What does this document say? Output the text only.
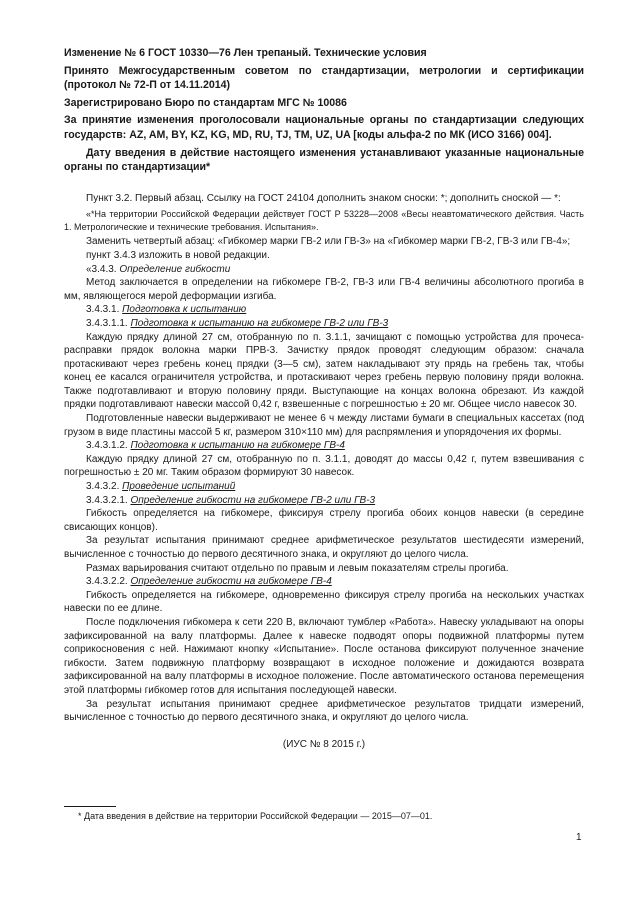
Изменение № 6 ГОСТ 10330—76 Лен трепаный. Технические условия

Принято Межгосударственным советом по стандартизации, метрологии и сертификации (протокол № 72-П от 14.11.2014)

Зарегистрировано Бюро по стандартам МГС № 10086

За принятие изменения проголосовали национальные органы по стандартизации следующих государств: AZ, AM, BY, KZ, KG, MD, RU, TJ, TM, UZ, UA [коды альфа-2 по МК (ИСО 3166) 004].

Дату введения в действие настоящего изменения устанавливают указанные национальные органы по стандартизации*

Пункт 3.2. Первый абзац. Ссылку на ГОСТ 24104 дополнить знаком сноски: *; дополнить сноской — *:

«*На территории Российской Федерации действует ГОСТ Р 53228—2008 «Весы неавтоматического действия. Часть 1. Метрологические и технические требования. Испытания».

Заменить четвертый абзац: «Гибкомер марки ГВ-2 или ГВ-3» на «Гибкомер марки ГВ-2, ГВ-3 или ГВ-4»;

пункт 3.4.3 изложить в новой редакции.

«3.4.3. Определение гибкости

Метод заключается в определении на гибкомере ГВ-2, ГВ-3 или ГВ-4 величины абсолютного прогиба в мм, являющегося мерой деформации изгиба.

3.4.3.1. Подготовка к испытанию

3.4.3.1.1. Подготовка к испытанию на гибкомере ГВ-2 или ГВ-3

Каждую прядку длиной 27 см, отобранную по п. 3.1.1, зачищают с помощью устройства для прочеса-расправки прядок волокна марки ПРВ-3. Зачистку прядок проводят следующим образом: сначала протаскивают через гребень конец прядки (3—5 см), затем накладывают эту прядь на гребень так, чтобы конец ее касался ограничителя устройства, и протаскивают через гребень первую половину пряди волокна. Также подготавливают и вторую половину пряди. Выступающие на концах волокна обрезают. Из каждой прядки подготавливают навески массой 0,42 г, взвешенные с погрешностью ± 20 мг. Общее число навесок 30.

Подготовленные навески выдерживают не менее 6 ч между листами бумаги в специальных кассетах (под грузом в виде пластины массой 5 кг, размером 310×110 мм) для распрямления и упорядочения их формы.

3.4.3.1.2. Подготовка к испытанию на гибкомере ГВ-4

Каждую прядку длиной 27 см, отобранную по п. 3.1.1, доводят до массы 0,42 г, путем взвешивания с погрешностью ± 20 мг. Таким образом формируют 30 навесок.

3.4.3.2. Проведение испытаний

3.4.3.2.1. Определение гибкости на гибкомере ГВ-2 или ГВ-3

Гибкость определяется на гибкомере, фиксируя стрелу прогиба обоих концов навески (в середине свисающих концов).

За результат испытания принимают среднее арифметическое результатов шестидесяти измерений, вычисленное с точностью до первого десятичного знака, и округляют до целого числа.

Размах варьирования считают отдельно по правым и левым показателям стрелы прогиба.

3.4.3.2.2. Определение гибкости на гибкомере ГВ-4

Гибкость определяется на гибкомере, одновременно фиксируя стрелу прогиба на нескольких участках навески по ее длине.

После подключения гибкомера к сети 220 В, включают тумблер «Работа». Навеску укладывают на опоры зафиксированной на валу платформы. Далее к навеске подводят опоры подвижной платформы путем соприкосновения с ней. Нажимают кнопку «Испытание». После останова фиксируют полученное значение гибкости. Затем подвижную платформу возвращают в исходное положение и дожидаются возврата зафиксированной на валу платформы в исходное положение. После автоматического останова перемещения этой платформы гибкомер готов для испытания последующей навески.

За результат испытания принимают среднее арифметическое результатов тридцати измерений, вычисленное с точностью до первого десятичного знака, и округляют до целого числа.

(ИУС № 8 2015 г.)
* Дата введения в действие на территории Российской Федерации — 2015—07—01.
1
